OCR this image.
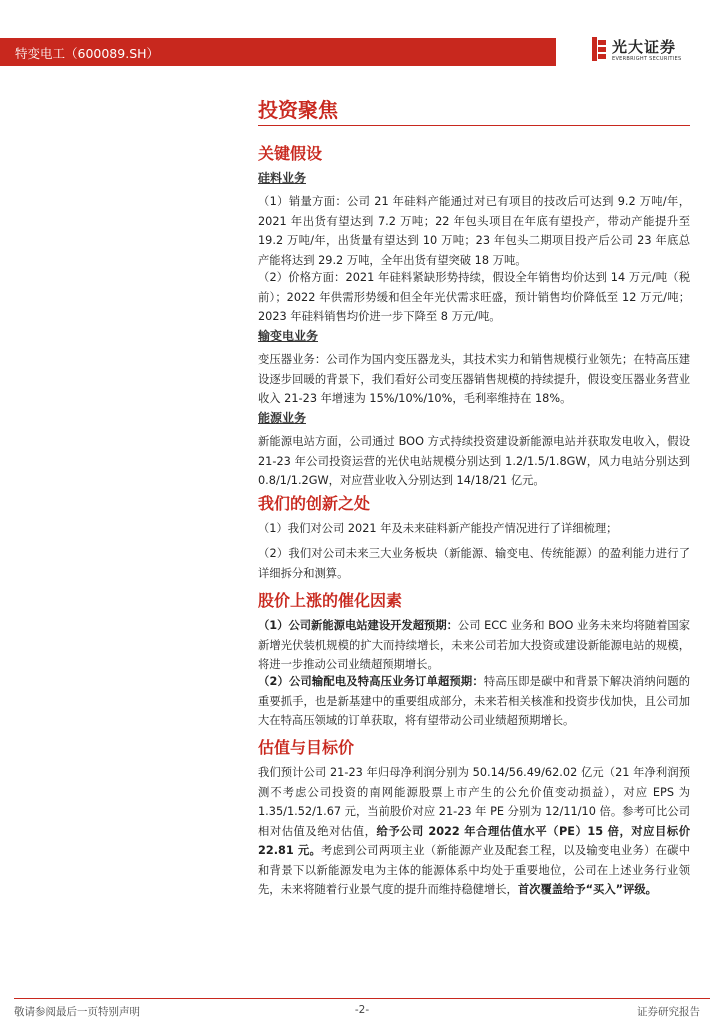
特变电工（600089.SH）	光大证券
EVERBRIGHT SECURITIES
投资聚焦
关键假设
硅料业务

（1）销量方面：公司 21 年硅料产能通过对已有项目的技改后可达到 9.2 万吨/年，2021 年出货有望达到 7.2 万吨；22 年包头项目在年底有望投产，带动产能提升至 19.2 万吨/年，出货量有望达到 10 万吨；23 年包头二期项目投产后公司 23 年底总产能将达到 29.2 万吨，全年出货有望突破 18 万吨。

（2）价格方面：2021 年硅料紧缺形势持续，假设全年销售均价达到 14 万元/吨（税前）；2022 年供需形势缓和但全年光伏需求旺盛，预计销售均价降低至 12 万元/吨；2023 年硅料销售均价进一步下降至 8 万元/吨。

输变电业务

变压器业务：公司作为国内变压器龙头，其技术实力和销售规模行业领先；在特高压建设逐步回暖的背景下，我们看好公司变压器销售规模的持续提升，假设变压器业务营业收入 21-23 年增速为 15%/10%/10%，毛利率维持在 18%。

能源业务

新能源电站方面，公司通过 BOO 方式持续投资建设新能源电站并获取发电收入，假设 21-23 年公司投资运营的光伏电站规模分别达到 1.2/1.5/1.8GW，风力电站分别达到 0.8/1/1.2GW，对应营业收入分别达到 14/18/21 亿元。

我们的创新之处

（1）我们对公司 2021 年及未来硅料新产能投产情况进行了详细梳理；

（2）我们对公司未来三大业务板块（新能源、输变电、传统能源）的盈利能力进行了详细拆分和测算。

股价上涨的催化因素

（1）公司新能源电站建设开发超预期：公司 ECC 业务和 BOO 业务未来均将随着国家新增光伏装机规模的扩大而持续增长，未来公司若加大投资或建设新能源电站的规模，将进一步推动公司业绩超预期增长。

（2）公司输配电及特高压业务订单超预期：特高压即是碳中和背景下解决消纳问题的重要抓手，也是新基建中的重要组成部分，未来若相关核准和投资步伐加快，且公司加大在特高压领域的订单获取，将有望带动公司业绩超预期增长。

估值与目标价

我们预计公司 21-23 年归母净利润分别为 50.14/56.49/62.02 亿元（21 年净利润预测不考虑公司投资的南网能源股票上市产生的公允价值变动损益），对应 EPS 为 1.35/1.52/1.67 元，当前股价对应 21-23 年 PE 分别为 12/11/10 倍。参考可比公司相对估值及绝对估值，给予公司 2022 年合理估值水平（PE）15 倍，对应目标价 22.81 元。考虑到公司两项主业（新能源产业及配套工程，以及输变电业务）在碳中和背景下以新能源发电为主体的能源体系中均处于重要地位，公司在上述业务行业领先，未来将随着行业景气度的提升而维持稳健增长，首次覆盖给予“买入”评级。

敬请参阅最后一页特别声明	-2-	证券研究报告
